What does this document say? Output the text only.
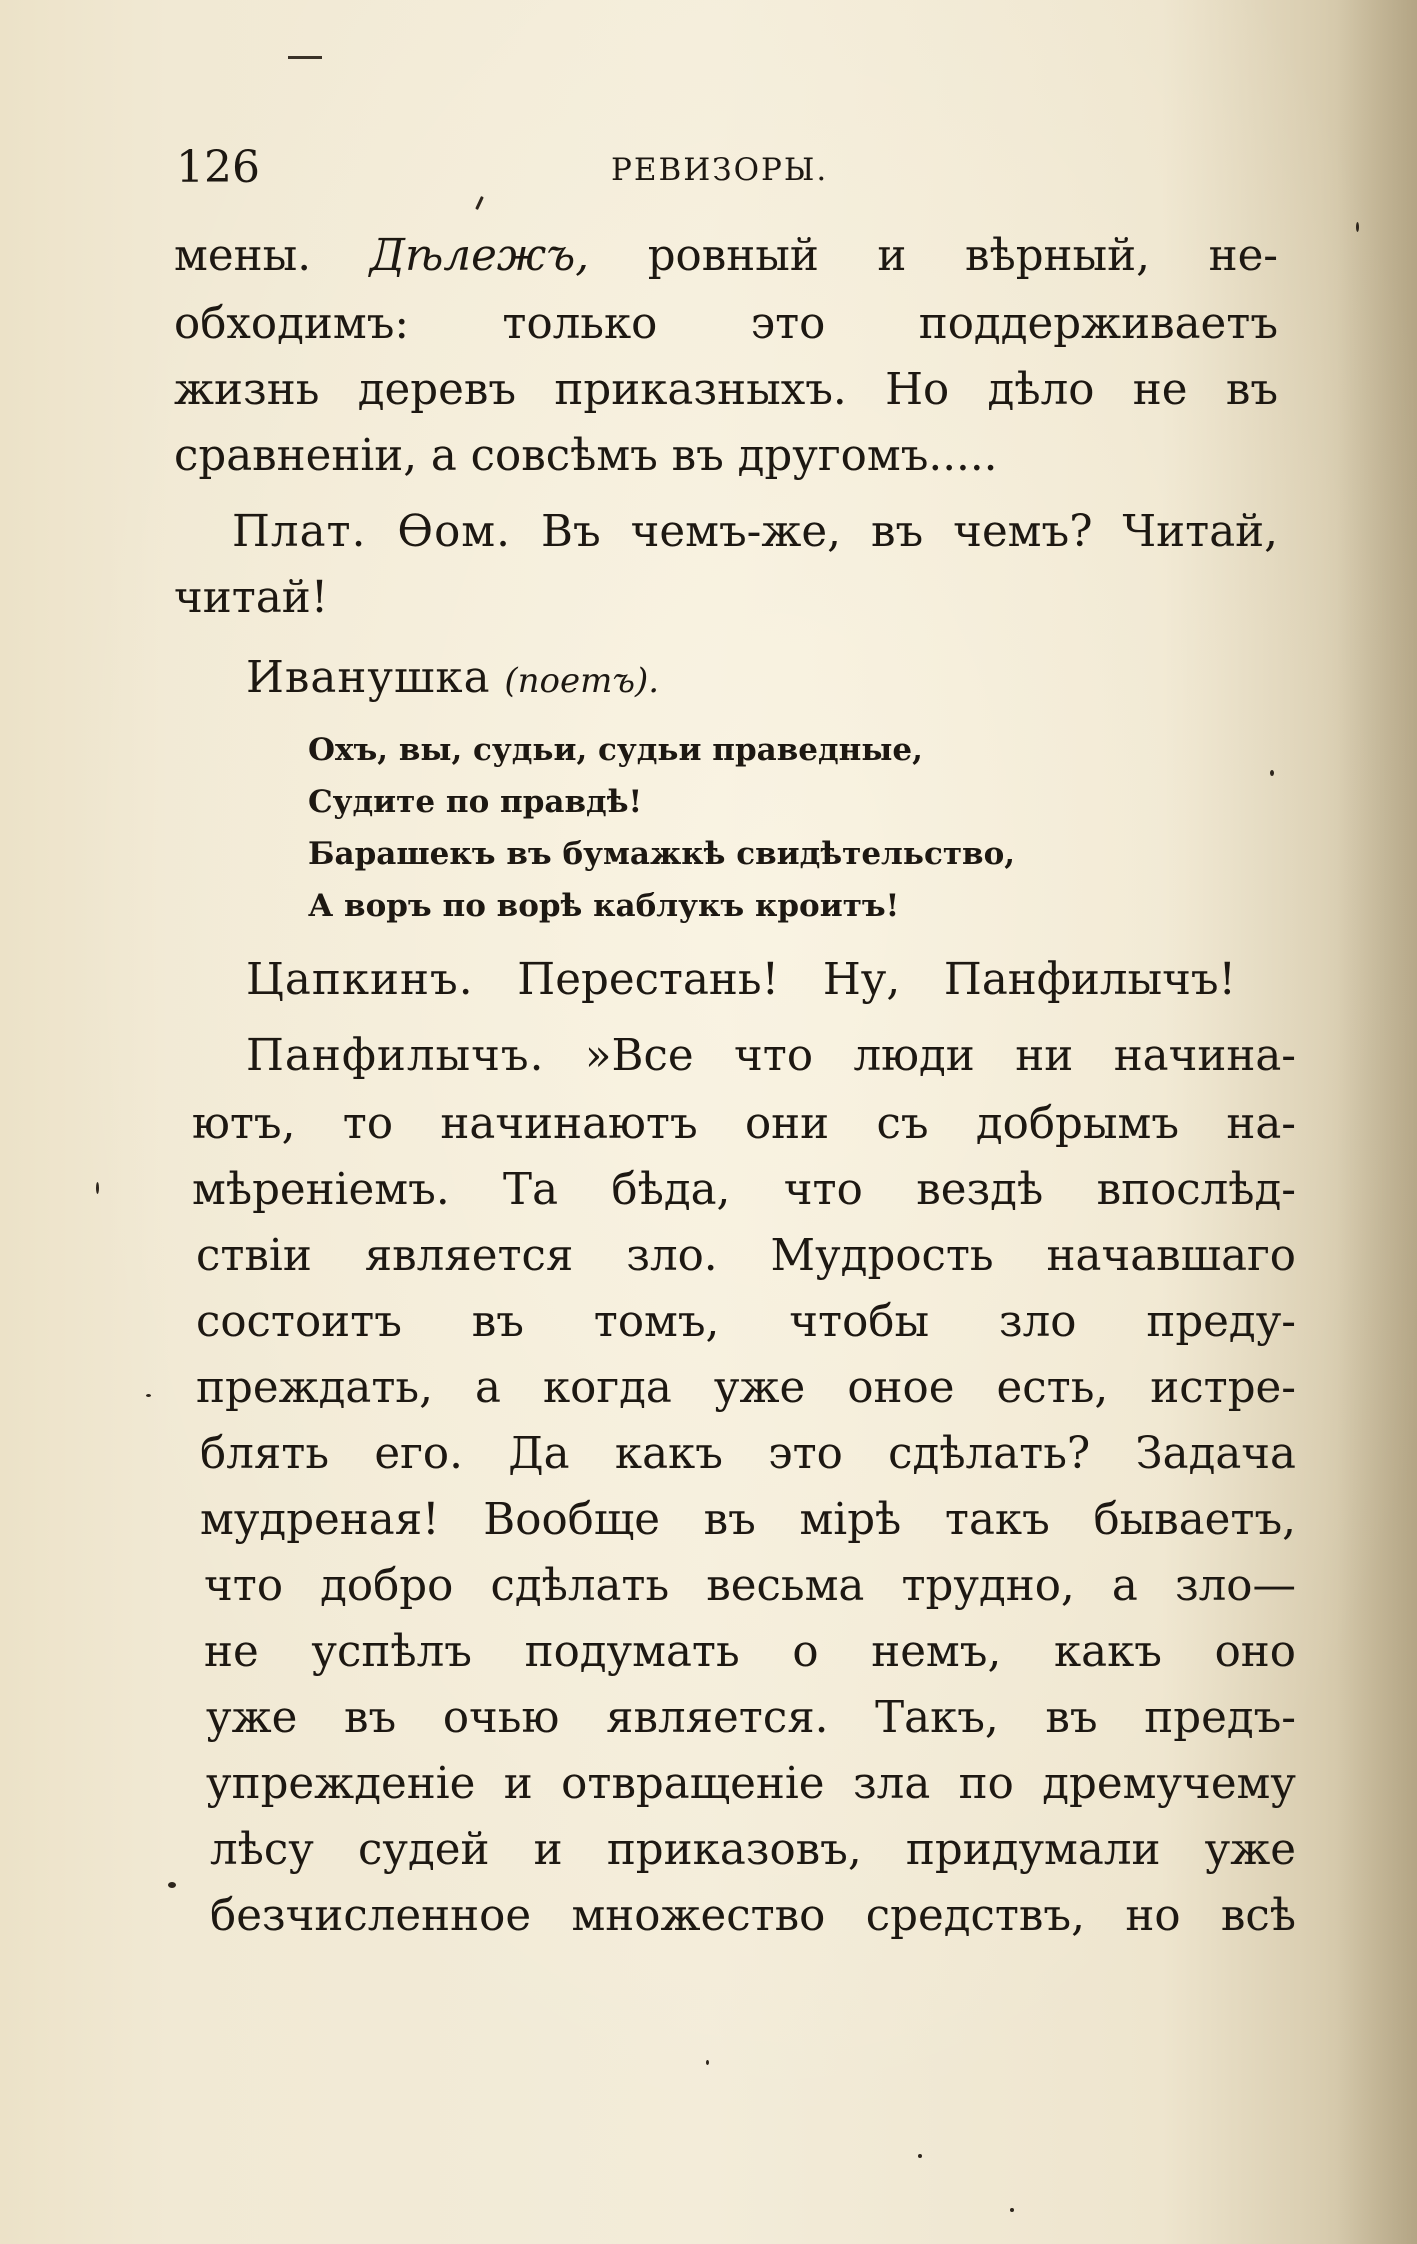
126	РЕВИЗОРЫ.
мены. Дѣлежъ, ровный и вѣрный, не-
обходимъ: только это поддерживаетъ
жизнь деревъ приказныхъ. Но дѣло не въ
сравненіи, а совсѣмъ въ другомъ.....
Плат. Ѳом. Въ чемъ-же, въ чемъ? Читай,
читай!
Иванушка (поетъ).
Охъ, вы, судьи, судьи праведные,
Судите по правдѣ!
Барашекъ въ бумажкѣ свидѣтельство,
А воръ по ворѣ каблукъ кроитъ!
Цапкинъ. Перестань! Ну, Панфилычъ!
Панфилычъ. »Все что люди ни начина-
ютъ, то начинаютъ они съ добрымъ на-
мѣреніемъ. Та бѣда, что вездѣ впослѣд-
ствіи является зло. Мудрость начавшаго
состоитъ въ томъ, чтобы зло преду-
преждать, а когда уже оное есть, истре-
блять его. Да какъ это сдѣлать? Задача
мудреная! Вообще въ мірѣ такъ бываетъ,
что добро сдѣлать весьма трудно, а зло—
не успѣлъ подумать о немъ, какъ оно
уже въ очью является. Такъ, въ предъ-
упрежденіе и отвращеніе зла по дремучему
лѣсу судей и приказовъ, придумали уже
безчисленное множество средствъ, но всѣ
